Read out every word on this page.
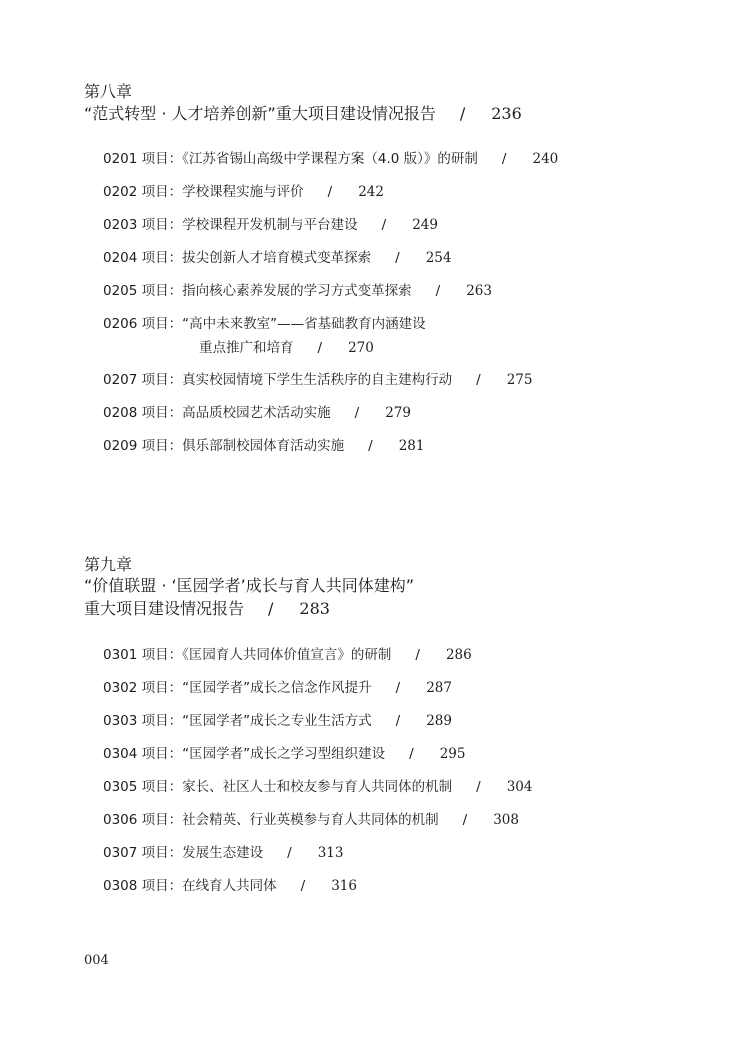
第八章
“范式转型 · 人才培养创新”重大项目建设情况报告 / 236
0201 项目：《江苏省锡山高级中学课程方案（4.0 版）》的研制 / 240
0202 项目：学校课程实施与评价 / 242
0203 项目：学校课程开发机制与平台建设 / 249
0204 项目：拔尖创新人才培育模式变革探索 / 254
0205 项目：指向核心素养发展的学习方式变革探索 / 263
0206 项目：“高中未来教室”——省基础教育内涵建设
重点推广和培育 / 270
0207 项目：真实校园情境下学生生活秩序的自主建构行动 / 275
0208 项目：高品质校园艺术活动实施 / 279
0209 项目：俱乐部制校园体育活动实施 / 281
第九章
“价值联盟 · ‘匡园学者’成长与育人共同体建构”
重大项目建设情况报告 / 283
0301 项目：《匡园育人共同体价值宣言》的研制 / 286
0302 项目：“匡园学者”成长之信念作风提升 / 287
0303 项目：“匡园学者”成长之专业生活方式 / 289
0304 项目：“匡园学者”成长之学习型组织建设 / 295
0305 项目：家长、社区人士和校友参与育人共同体的机制 / 304
0306 项目：社会精英、行业英模参与育人共同体的机制 / 308
0307 项目：发展生态建设 / 313
0308 项目：在线育人共同体 / 316
004
